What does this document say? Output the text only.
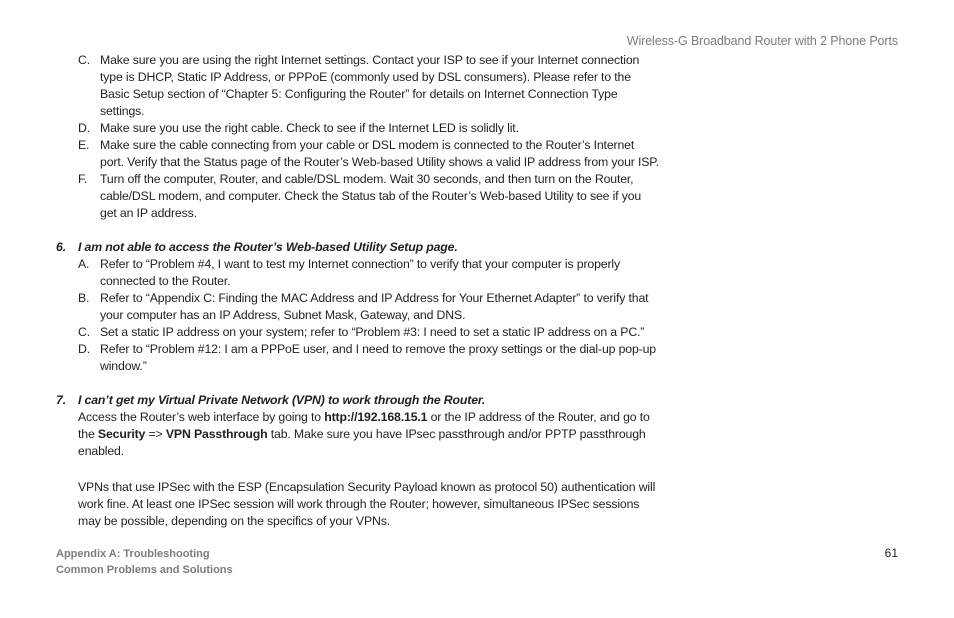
Wireless-G Broadband Router with 2 Phone Ports
C. Make sure you are using the right Internet settings. Contact your ISP to see if your Internet connection type is DHCP, Static IP Address, or PPPoE (commonly used by DSL consumers). Please refer to the Basic Setup section of “Chapter 5: Configuring the Router” for details on Internet Connection Type settings.
D. Make sure you use the right cable. Check to see if the Internet LED is solidly lit.
E. Make sure the cable connecting from your cable or DSL modem is connected to the Router’s Internet port. Verify that the Status page of the Router’s Web-based Utility shows a valid IP address from your ISP.
F.	Turn off the computer, Router, and cable/DSL modem. Wait 30 seconds, and then turn on the Router, cable/DSL modem, and computer. Check the Status tab of the Router’s Web-based Utility to see if you get an IP address.
6. I am not able to access the Router’s Web-based Utility Setup page.
A. Refer to “Problem #4, I want to test my Internet connection” to verify that your computer is properly connected to the Router.
B. Refer to “Appendix C: Finding the MAC Address and IP Address for Your Ethernet Adapter” to verify that your computer has an IP Address, Subnet Mask, Gateway, and DNS.
C. Set a static IP address on your system; refer to “Problem #3: I need to set a static IP address on a PC.”
D. Refer to “Problem #12: I am a PPPoE user, and I need to remove the proxy settings or the dial-up pop-up window.”
7. I can’t get my Virtual Private Network (VPN) to work through the Router.
Access the Router’s web interface by going to http://192.168.15.1 or the IP address of the Router, and go to the Security => VPN Passthrough tab. Make sure you have IPsec passthrough and/or PPTP passthrough enabled.
VPNs that use IPSec with the ESP (Encapsulation Security Payload known as protocol 50) authentication will work fine. At least one IPSec session will work through the Router; however, simultaneous IPSec sessions may be possible, depending on the specifics of your VPNs.
Appendix A: Troubleshooting
Common Problems and Solutions
61
